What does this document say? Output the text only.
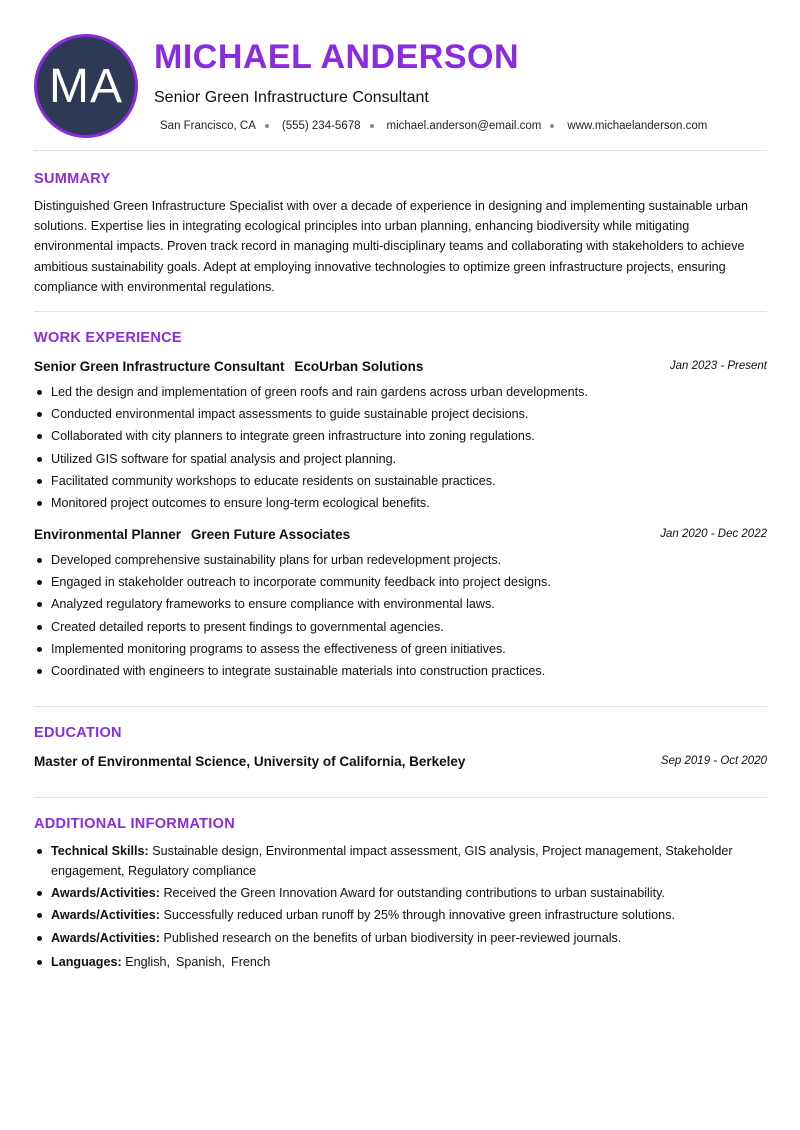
MA
MICHAEL ANDERSON
Senior Green Infrastructure Consultant
San Francisco, CA (555) 234-5678 michael.anderson@email.com www.michaelanderson.com
SUMMARY

Distinguished Green Infrastructure Specialist with over a decade of experience in designing and implementing sustainable urban solutions. Expertise lies in integrating ecological principles into urban planning, enhancing biodiversity while mitigating environmental impacts. Proven track record in managing multi-disciplinary teams and collaborating with stakeholders to achieve ambitious sustainability goals. Adept at employing innovative technologies to optimize green infrastructure projects, ensuring compliance with environmental regulations.

WORK EXPERIENCE
Senior Green Infrastructure Consultant EcoUrban Solutions	Jan 2023 - Present
Led the design and implementation of green roofs and rain gardens across urban developments.
Conducted environmental impact assessments to guide sustainable project decisions.
Collaborated with city planners to integrate green infrastructure into zoning regulations.
Utilized GIS software for spatial analysis and project planning.
Facilitated community workshops to educate residents on sustainable practices.
Monitored project outcomes to ensure long-term ecological benefits.
Environmental Planner Green Future Associates	Jan 2020 - Dec 2022
Developed comprehensive sustainability plans for urban redevelopment projects.
Engaged in stakeholder outreach to incorporate community feedback into project designs.
Analyzed regulatory frameworks to ensure compliance with environmental laws.
Created detailed reports to present findings to governmental agencies.
Implemented monitoring programs to assess the effectiveness of green initiatives.
Coordinated with engineers to integrate sustainable materials into construction practices.
EDUCATION
Master of Environmental Science, University of California, Berkeley	Sep 2019 - Oct 2020
ADDITIONAL INFORMATION
Technical Skills: Sustainable design, Environmental impact assessment, GIS analysis, Project management, Stakeholder engagement, Regulatory compliance
Awards/Activities: Received the Green Innovation Award for outstanding contributions to urban sustainability.
Awards/Activities: Successfully reduced urban runoff by 25% through innovative green infrastructure solutions.
Awards/Activities: Published research on the benefits of urban biodiversity in peer-reviewed journals.
Languages: English, Spanish, French
